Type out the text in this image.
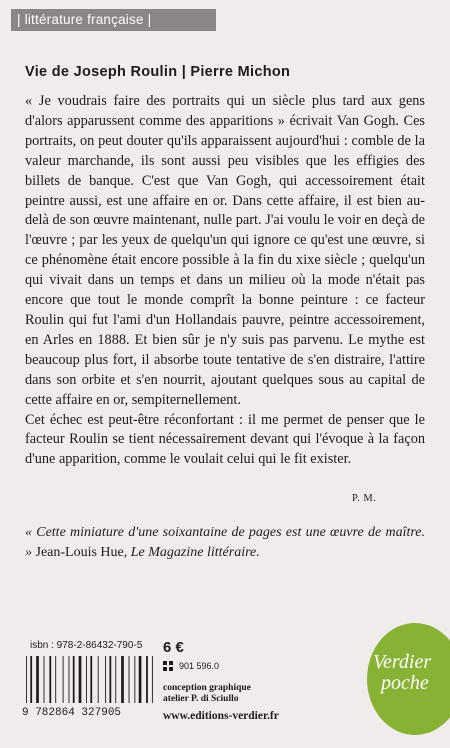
| littérature française |
Vie de Joseph Roulin | Pierre Michon

« Je voudrais faire des portraits qui un siècle plus tard aux gens d'alors apparussent comme des apparitions » écrivait Van Gogh. Ces portraits, on peut douter qu'ils apparaissent aujourd'hui : comble de la valeur marchande, ils sont aussi peu visibles que les effigies des billets de banque. C'est que Van Gogh, qui accessoirement était peintre aussi, est une affaire en or. Dans cette affaire, il est bien au-delà de son œuvre maintenant, nulle part. J'ai voulu le voir en deçà de l'œuvre ; par les yeux de quelqu'un qui ignore ce qu'est une œuvre, si ce phénomène était encore possible à la fin du xixe siècle ; quelqu'un qui vivait dans un temps et dans un milieu où la mode n'était pas encore que tout le monde comprît la bonne peinture : ce facteur Roulin qui fut l'ami d'un Hollandais pauvre, peintre accessoirement, en Arles en 1888. Et bien sûr je n'y suis pas parvenu. Le mythe est beaucoup plus fort, il absorbe toute tentative de s'en distraire, l'attire dans son orbite et s'en nourrit, ajoutant quelques sous au capital de cette affaire en or, sempiternellement.

Cet échec est peut-être réconfortant : il me permet de penser que le facteur Roulin se tient nécessairement devant qui l'évoque à la façon d'une apparition, comme le voulait celui qui le fit exister.

P. M.
« Cette miniature d'une soixantaine de pages est une œuvre de maître. » Jean-Louis Hue, Le Magazine littéraire.
isbn : 978-2-86432-790-5
9 782864 327905
6 €
901 596.0
conception graphique
atelier P. di Sciullo
www.editions-verdier.fr
Verdier
poche
